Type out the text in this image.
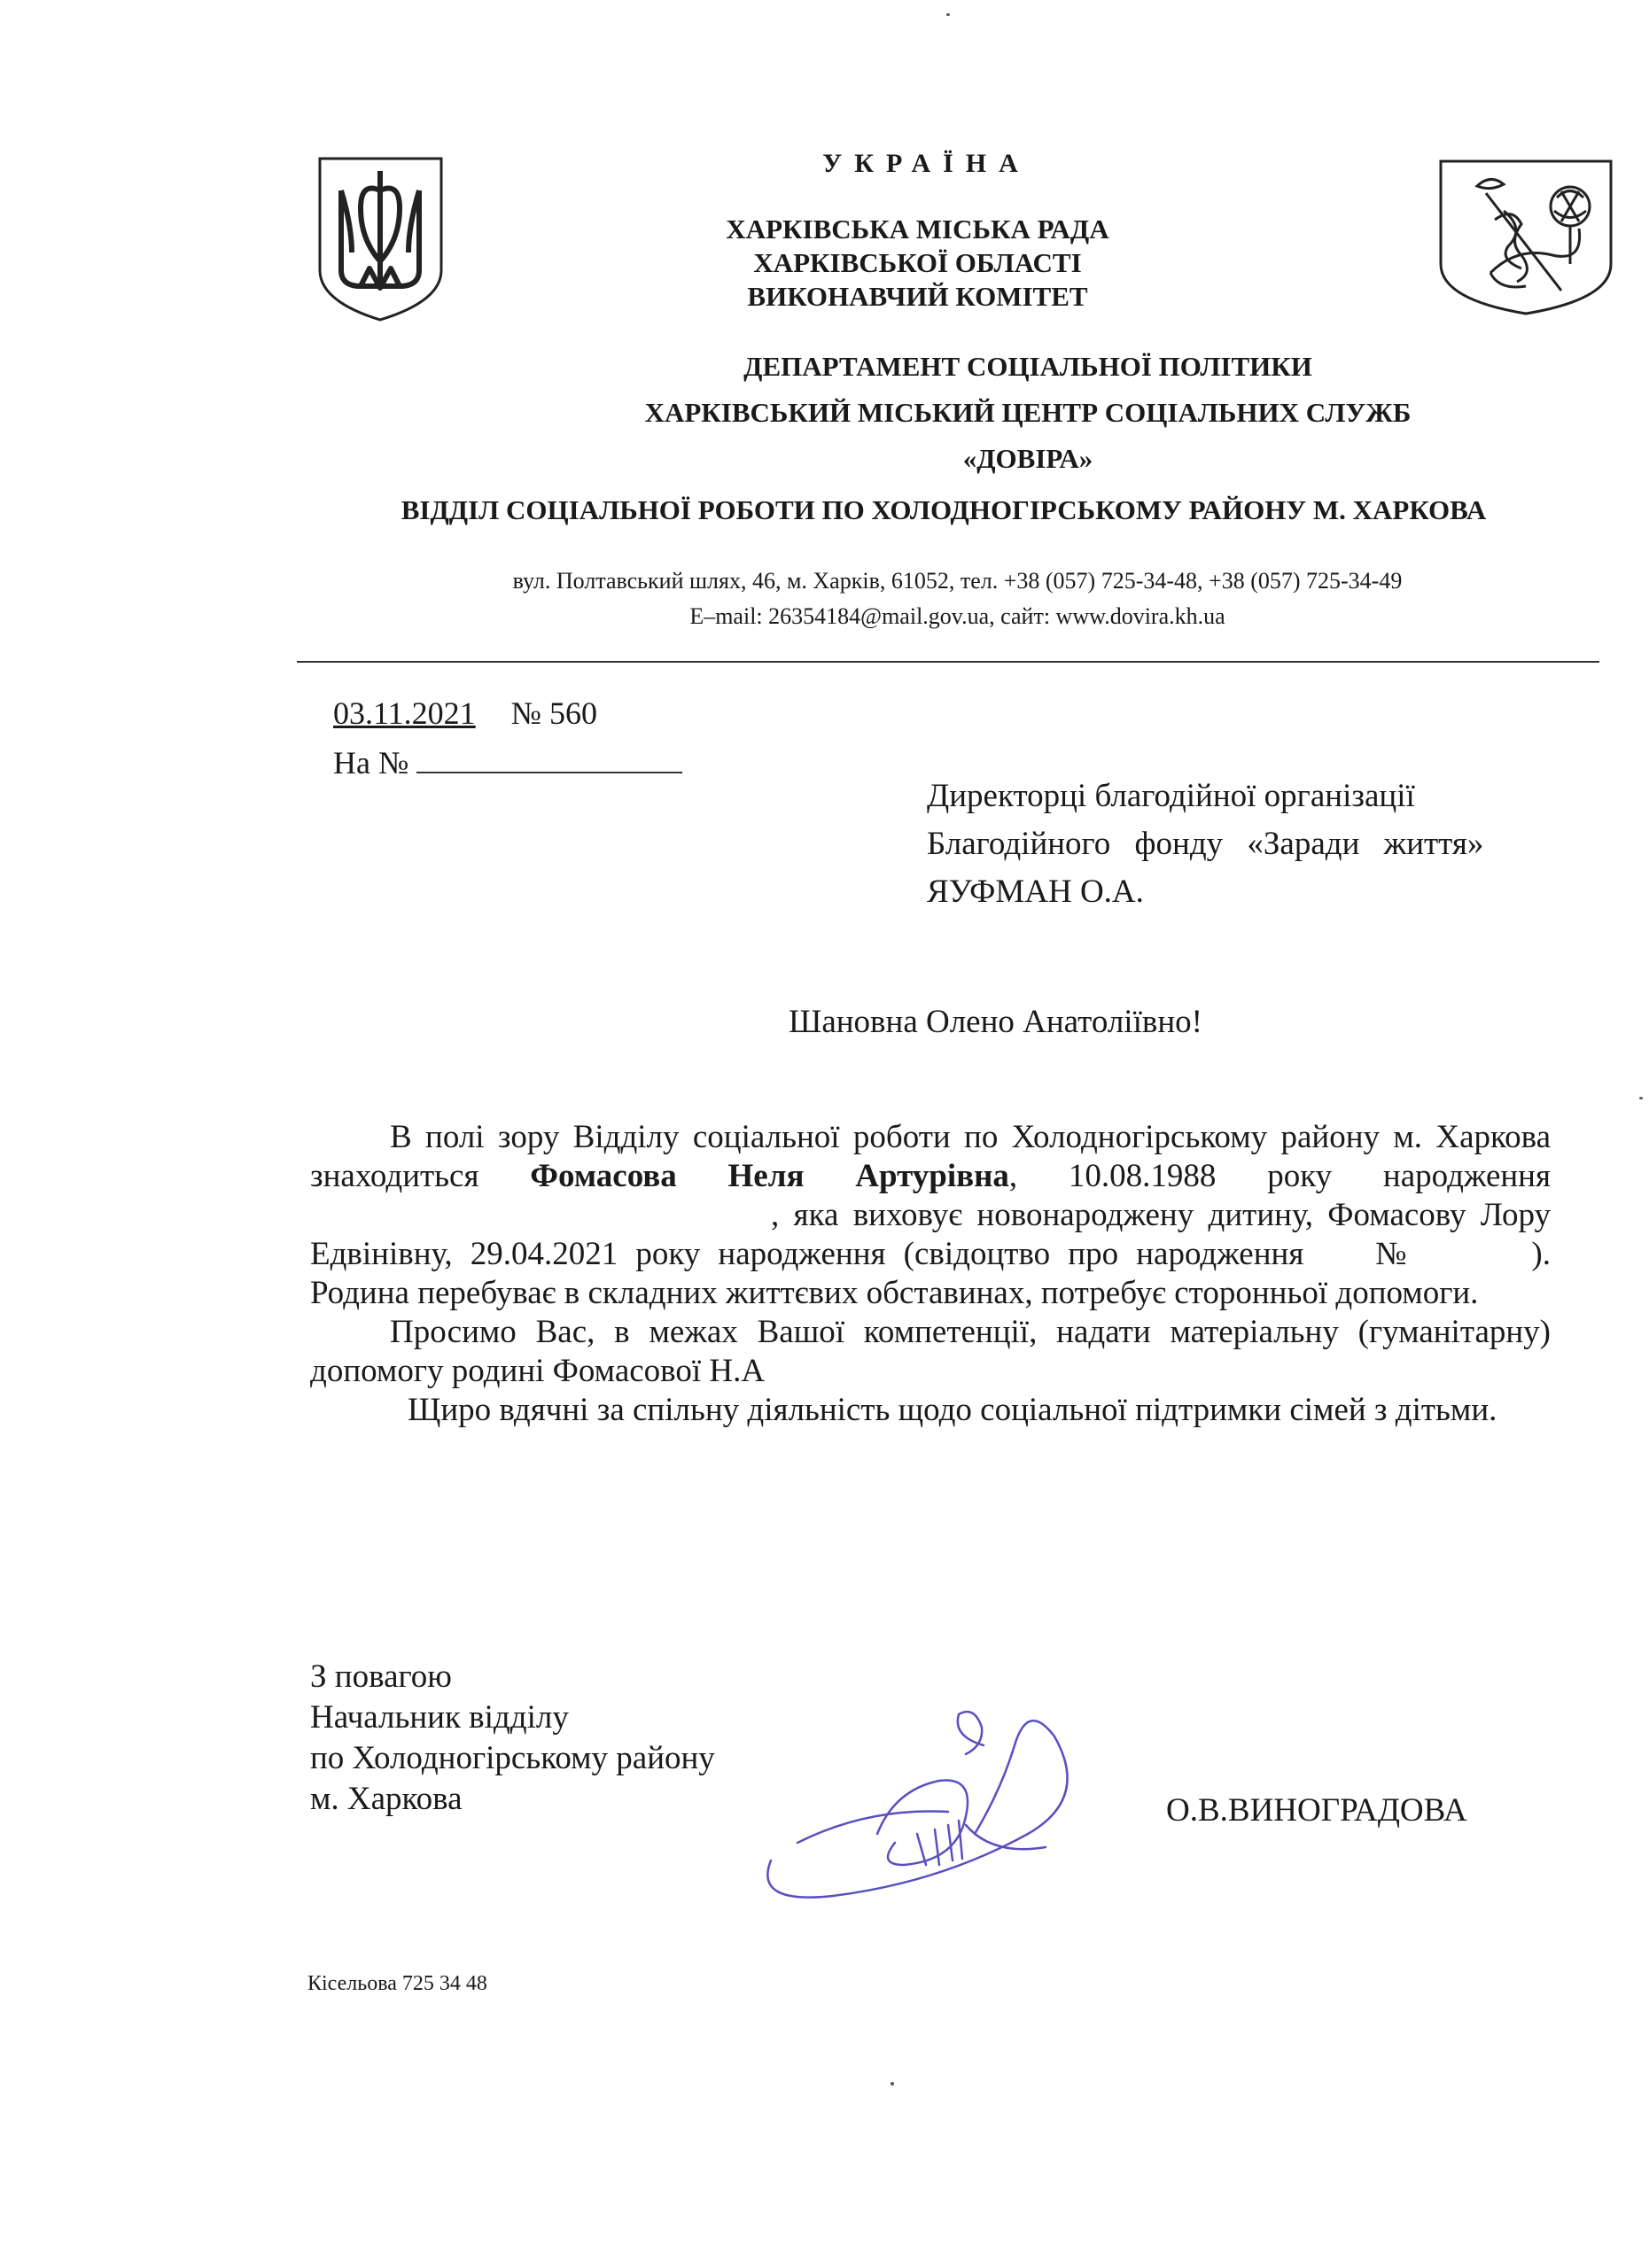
УКРАЇНА
ХАРКІВСЬКА МІСЬКА РАДА
ХАРКІВСЬКОЇ ОБЛАСТІ
ВИКОНАВЧИЙ КОМІТЕТ
ДЕПАРТАМЕНТ СОЦІАЛЬНОЇ ПОЛІТИКИ
ХАРКІВСЬКИЙ МІСЬКИЙ ЦЕНТР СОЦІАЛЬНИХ СЛУЖБ
«ДОВІРА»
ВІДДІЛ СОЦІАЛЬНОЇ РОБОТИ ПО ХОЛОДНОГІРСЬКОМУ РАЙОНУ М. ХАРКОВА
вул. Полтавський шлях, 46, м. Харків, 61052, тел. +38 (057) 725-34-48, +38 (057) 725-34-49
E–mail: 26354184@mail.gov.ua, сайт: www.dovira.kh.ua
03.11.2021 № 560
На №
Директорці благодійної організації
Благодійного фонду «Заради життя»
ЯУФМАН О.А.
Шановна Олено Анатоліївно!

В полі зору Відділу соціальної роботи по Холодногірському району м. Харкова знаходиться Фомасова Неля Артурівна, 10.08.1988 року народження, яка виховує новонароджену дитину, Фомасову Лору Едвінівну, 29.04.2021 року народження (свідоцтво про народження №	). Родина перебуває в складних життєвих обставинах, потребує сторонньої допомоги.

Просимо Вас, в межах Вашої компетенції, надати матеріальну (гуманітарну) допомогу родині Фомасової Н.А

Щиро вдячні за спільну діяльність щодо соціальної підтримки сімей з дітьми.

З повагою
Начальник відділу
по Холодногірському району
м. Харкова	О.В.ВИНОГРАДОВА
Кісельова 725 34 48
